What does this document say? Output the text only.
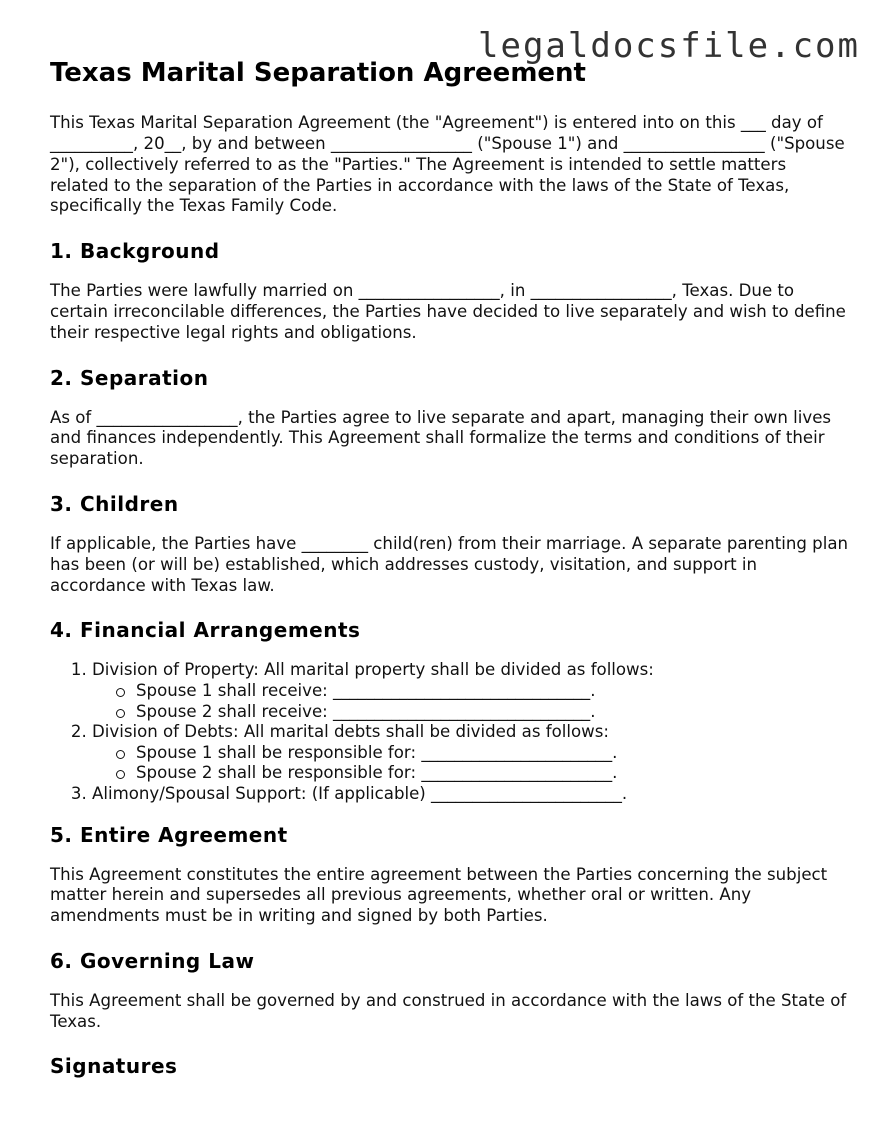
legaldocsfile.com
Texas Marital Separation Agreement

This Texas Marital Separation Agreement (the "Agreement") is entered into on this ___ day of __________, 20__, by and between _________________ ("Spouse 1") and _________________ ("Spouse 2"), collectively referred to as the "Parties." The Agreement is intended to settle matters related to the separation of the Parties in accordance with the laws of the State of Texas, specifically the Texas Family Code.

1. Background

The Parties were lawfully married on _________________, in _________________, Texas. Due to certain irreconcilable differences, the Parties have decided to live separately and wish to define their respective legal rights and obligations.

2. Separation

As of _________________, the Parties agree to live separate and apart, managing their own lives and finances independently. This Agreement shall formalize the terms and conditions of their separation.

3. Children

If applicable, the Parties have ________ child(ren) from their marriage. A separate parenting plan has been (or will be) established, which addresses custody, visitation, and support in accordance with Texas law.

4. Financial Arrangements
1. Division of Property: All marital property shall be divided as follows:
Spouse 1 shall receive: _______________________________.
Spouse 2 shall receive: _______________________________.
2. Division of Debts: All marital debts shall be divided as follows:
Spouse 1 shall be responsible for: _______________________.
Spouse 2 shall be responsible for: _______________________.
3. Alimony/Spousal Support: (If applicable) _______________________.
5. Entire Agreement

This Agreement constitutes the entire agreement between the Parties concerning the subject matter herein and supersedes all previous agreements, whether oral or written. Any amendments must be in writing and signed by both Parties.

6. Governing Law

This Agreement shall be governed by and construed in accordance with the laws of the State of Texas.

Signatures
